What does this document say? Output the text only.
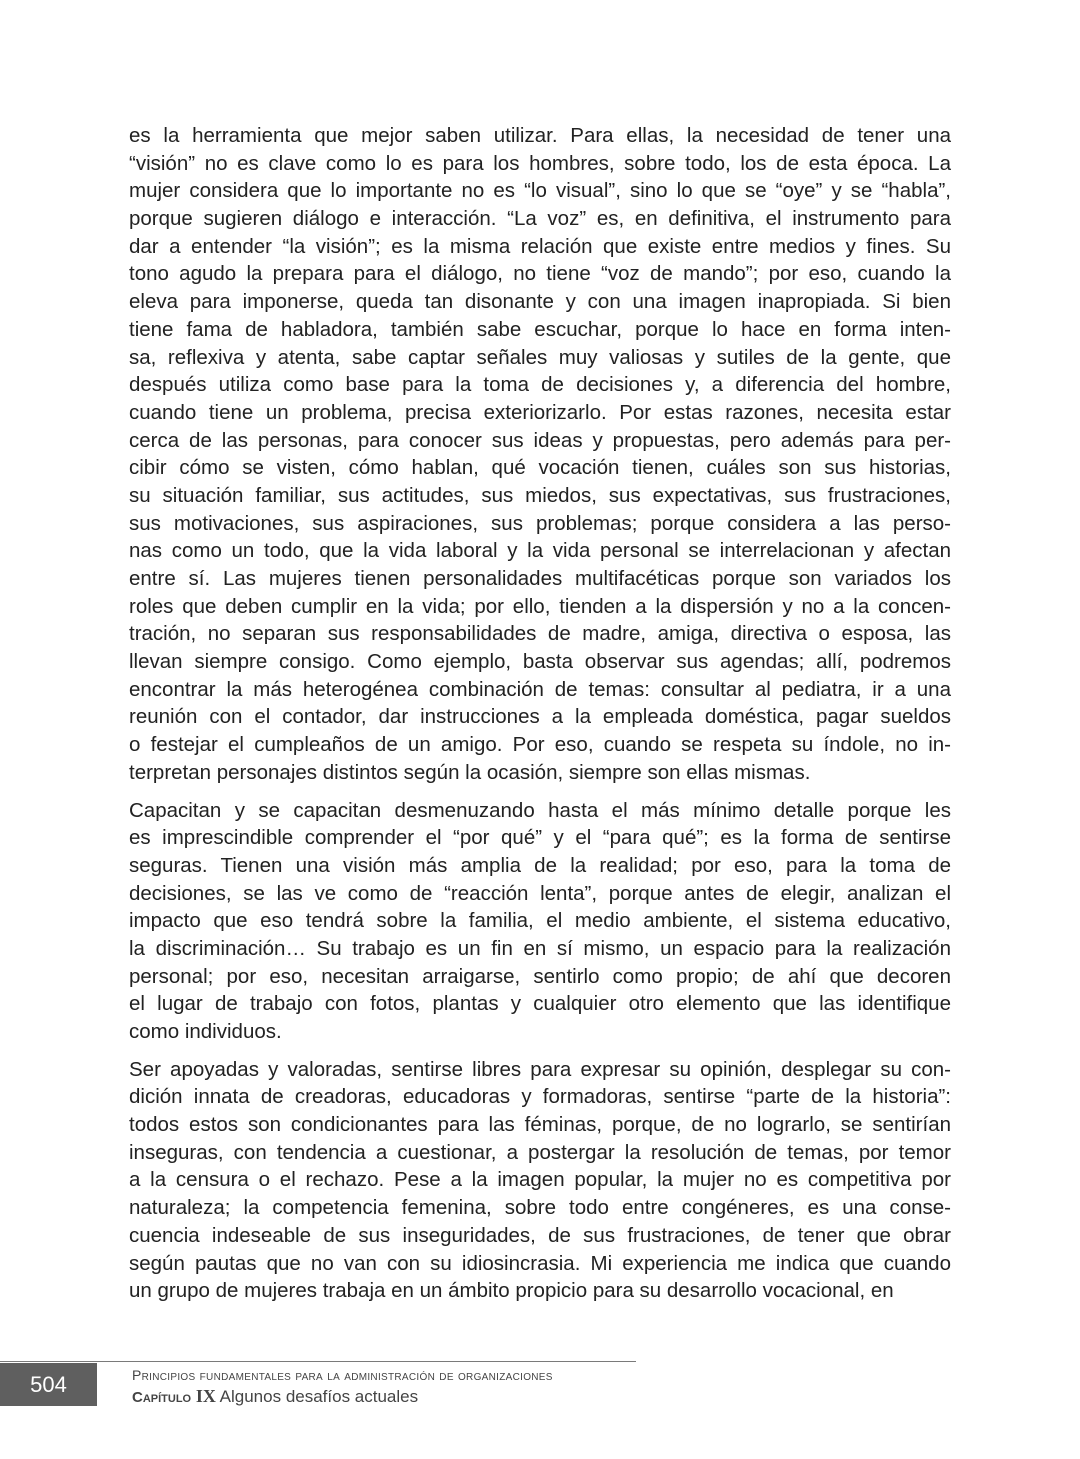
es la herramienta que mejor saben utilizar. Para ellas, la necesidad de tener una
“visión” no es clave como lo es para los hombres, sobre todo, los de esta época. La
mujer considera que lo importante no es “lo visual”, sino lo que se “oye” y se “habla”,
porque sugieren diálogo e interacción. “La voz” es, en definitiva, el instrumento para
dar a entender “la visión”; es la misma relación que existe entre medios y fines. Su
tono agudo la prepara para el diálogo, no tiene “voz de mando”; por eso, cuando la
eleva para imponerse, queda tan disonante y con una imagen inapropiada. Si bien
tiene fama de habladora, también sabe escuchar, porque lo hace en forma inten-
sa, reflexiva y atenta, sabe captar señales muy valiosas y sutiles de la gente, que
después utiliza como base para la toma de decisiones y, a diferencia del hombre,
cuando tiene un problema, precisa exteriorizarlo. Por estas razones, necesita estar
cerca de las personas, para conocer sus ideas y propuestas, pero además para per-
cibir cómo se visten, cómo hablan, qué vocación tienen, cuáles son sus historias,
su situación familiar, sus actitudes, sus miedos, sus expectativas, sus frustraciones,
sus motivaciones, sus aspiraciones, sus problemas; porque considera a las perso-
nas como un todo, que la vida laboral y la vida personal se interrelacionan y afectan
entre sí. Las mujeres tienen personalidades multifacéticas porque son variados los
roles que deben cumplir en la vida; por ello, tienden a la dispersión y no a la concen-
tración, no separan sus responsabilidades de madre, amiga, directiva o esposa, las
llevan siempre consigo. Como ejemplo, basta observar sus agendas; allí, podremos
encontrar la más heterogénea combinación de temas: consultar al pediatra, ir a una
reunión con el contador, dar instrucciones a la empleada doméstica, pagar sueldos
o festejar el cumpleaños de un amigo. Por eso, cuando se respeta su índole, no in-
terpretan personajes distintos según la ocasión, siempre son ellas mismas.
Capacitan y se capacitan desmenuzando hasta el más mínimo detalle porque les
es imprescindible comprender el “por qué” y el “para qué”; es la forma de sentirse
seguras. Tienen una visión más amplia de la realidad; por eso, para la toma de
decisiones, se las ve como de “reacción lenta”, porque antes de elegir, analizan el
impacto que eso tendrá sobre la familia, el medio ambiente, el sistema educativo,
la discriminación… Su trabajo es un fin en sí mismo, un espacio para la realización
personal; por eso, necesitan arraigarse, sentirlo como propio; de ahí que decoren
el lugar de trabajo con fotos, plantas y cualquier otro elemento que las identifique
como individuos.
Ser apoyadas y valoradas, sentirse libres para expresar su opinión, desplegar su con-
dición innata de creadoras, educadoras y formadoras, sentirse “parte de la historia”:
todos estos son condicionantes para las féminas, porque, de no lograrlo, se sentirían
inseguras, con tendencia a cuestionar, a postergar la resolución de temas, por temor
a la censura o el rechazo. Pese a la imagen popular, la mujer no es competitiva por
naturaleza; la competencia femenina, sobre todo entre congéneres, es una conse-
cuencia indeseable de sus inseguridades, de sus frustraciones, de tener que obrar
según pautas que no van con su idiosincrasia. Mi experiencia me indica que cuando
un grupo de mujeres trabaja en un ámbito propicio para su desarrollo vocacional, en
504	Principios fundamentales para la administración de organizaciones
Capítulo IX Algunos desafíos actuales
